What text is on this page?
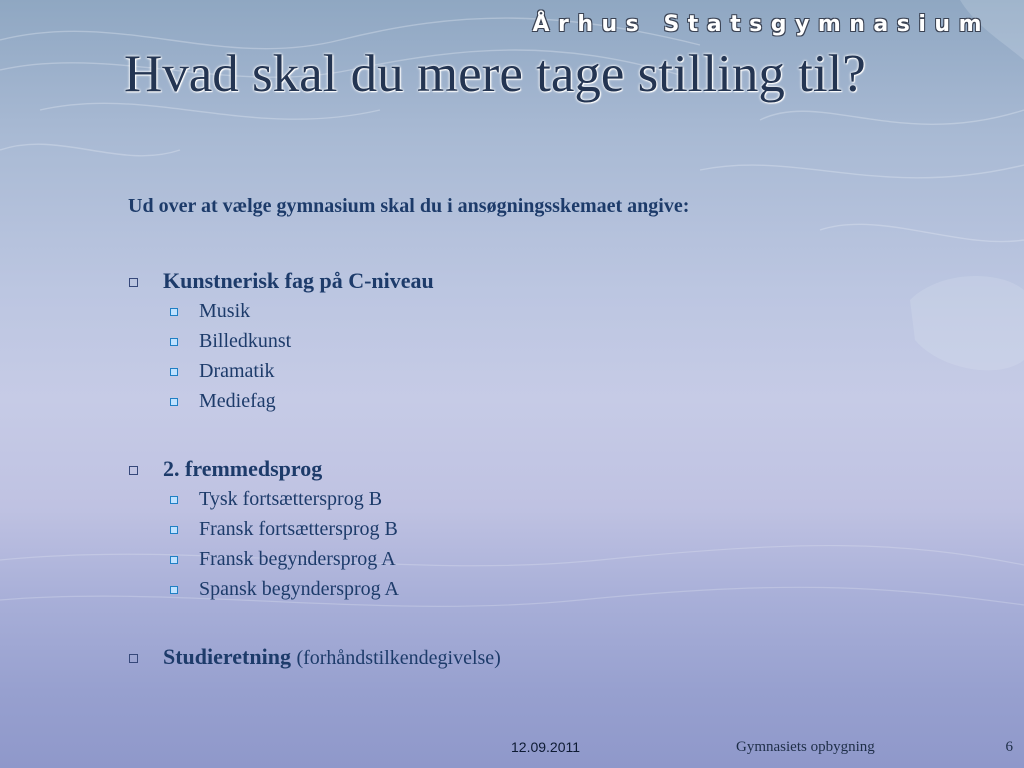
Århus Statsgymnasium
Hvad skal du mere tage stilling til?

Ud over at vælge gymnasium skal du i ansøgningsskemaet angive:

Kunstnerisk fag på C-niveau
Musik
Billedkunst
Dramatik
Mediefag
2. fremmedsprog
Tysk fortsættersprog B
Fransk fortsættersprog B
Fransk begyndersprog A
Spansk begyndersprog A
Studieretning (forhåndstilkendegivelse)
12.09.2011	Gymnasiets opbygning	6
